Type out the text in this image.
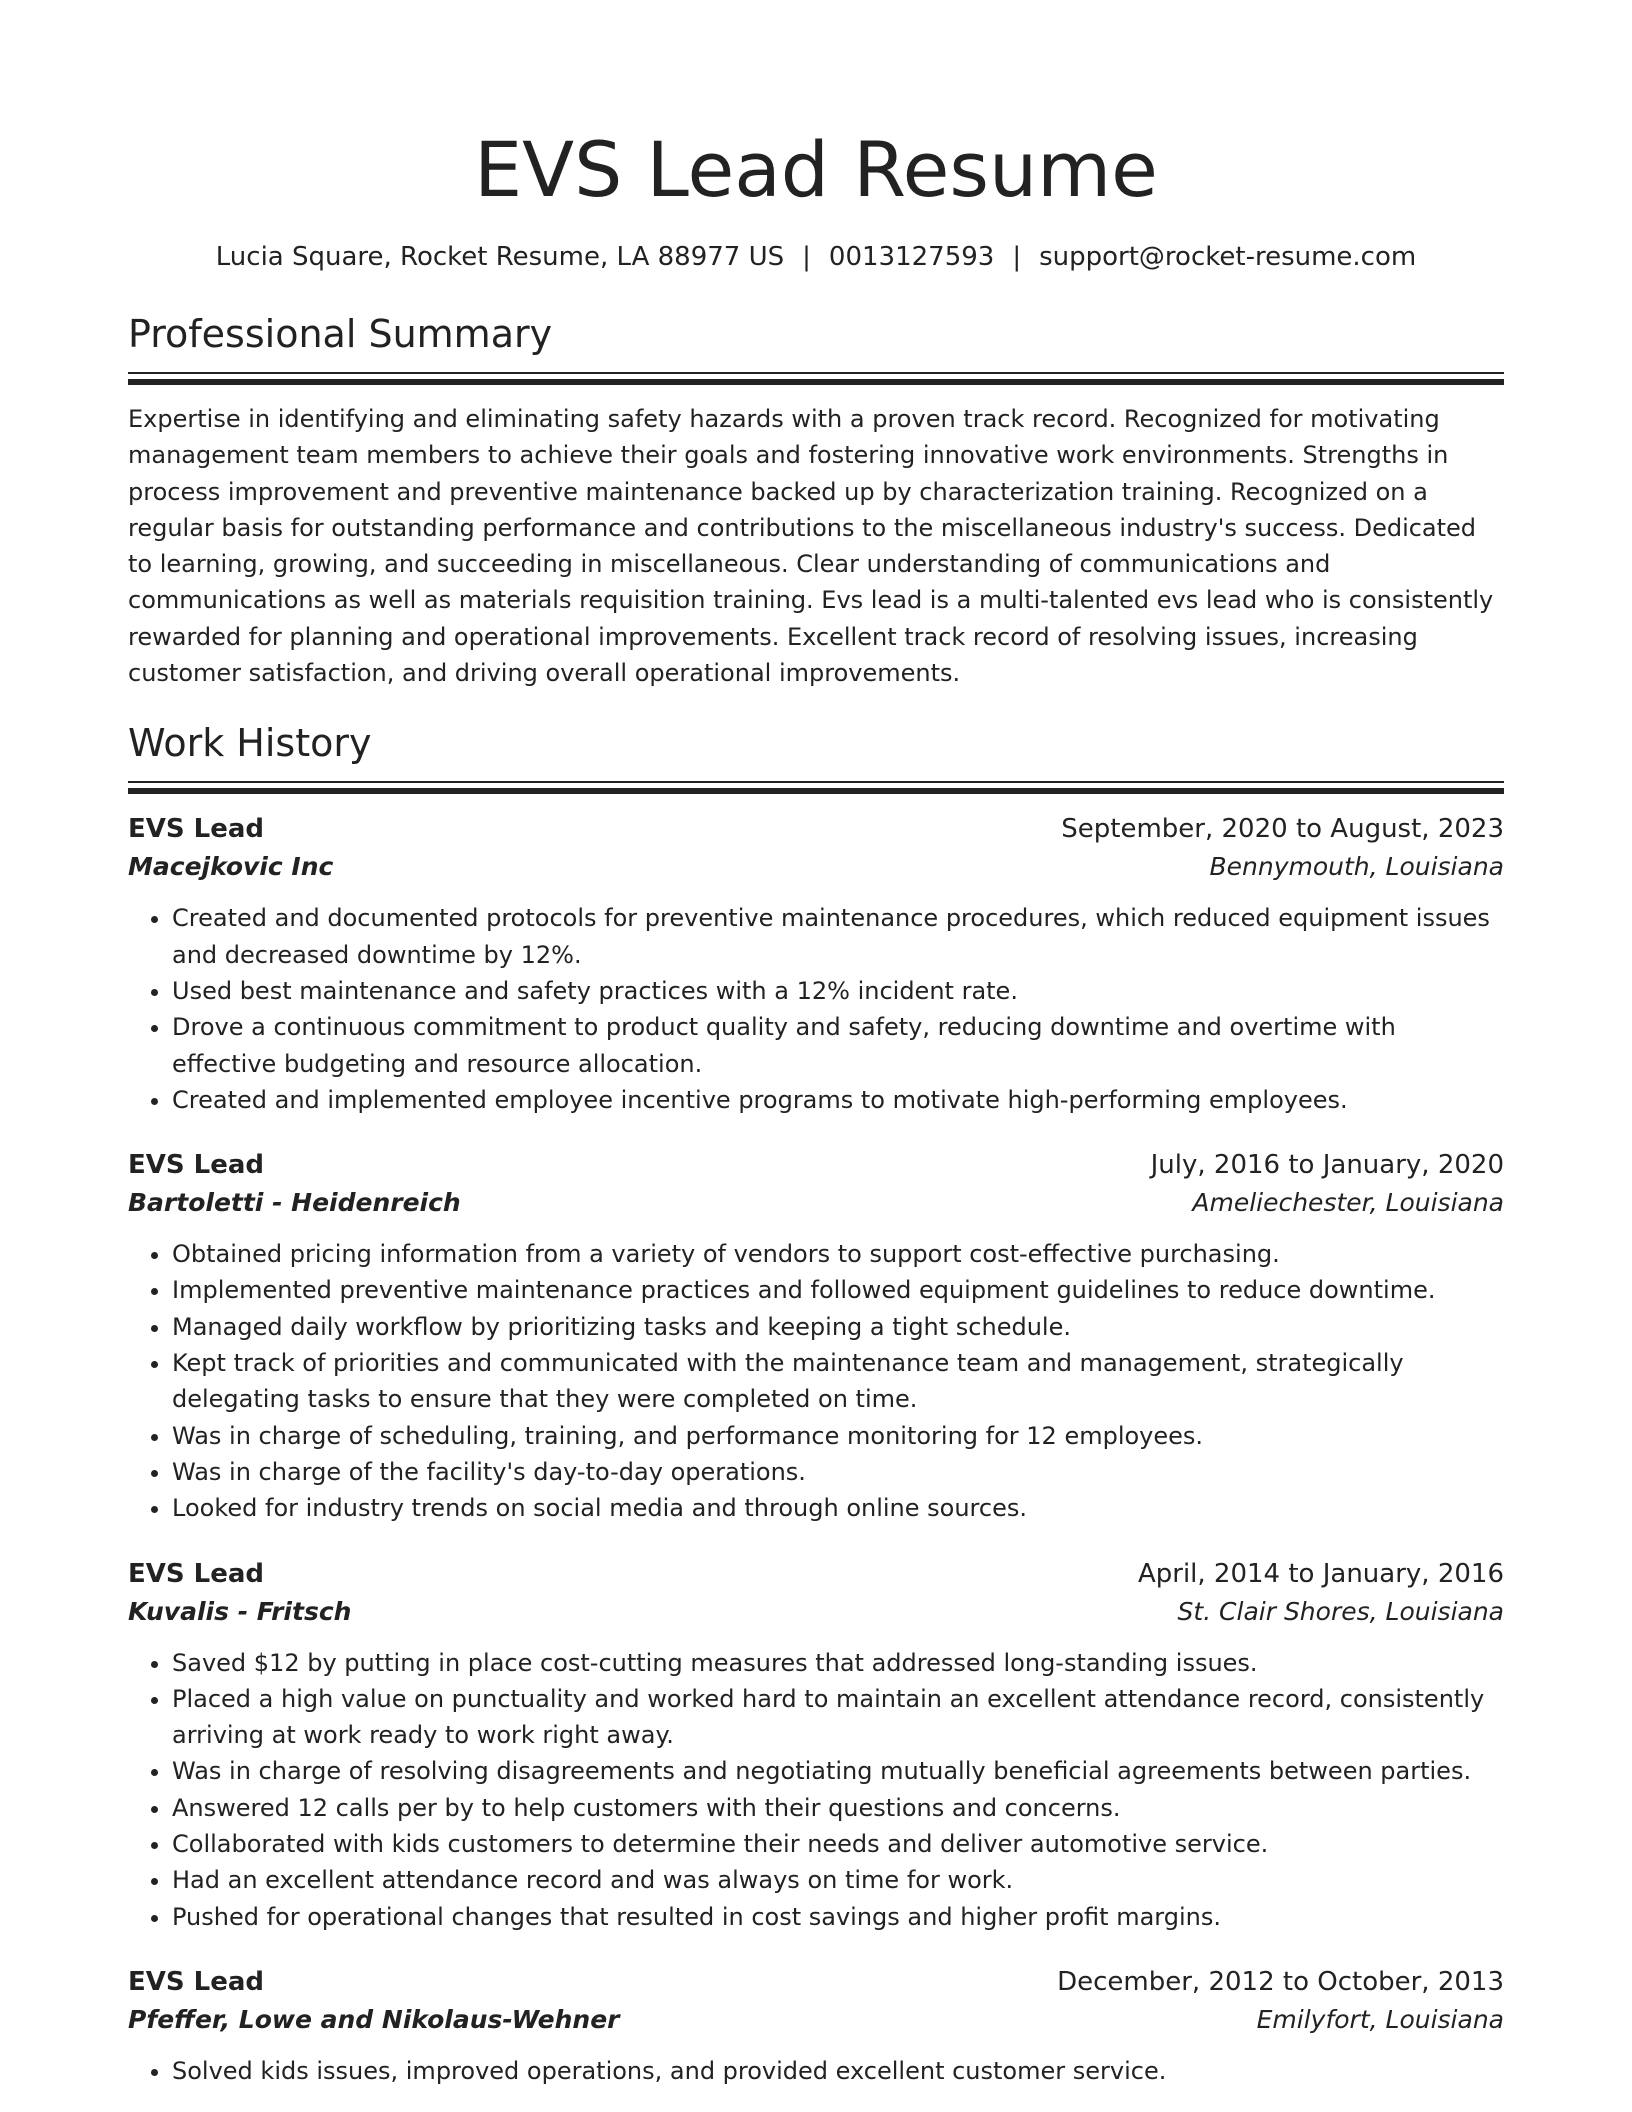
EVS Lead Resume
Lucia Square, Rocket Resume, LA 88977 US | 0013127593 | support@rocket-resume.com
Professional Summary

Expertise in identifying and eliminating safety hazards with a proven track record. Recognized for motivating management team members to achieve their goals and fostering innovative work environments. Strengths in process improvement and preventive maintenance backed up by characterization training. Recognized on a regular basis for outstanding performance and contributions to the miscellaneous industry's success. Dedicated to learning, growing, and succeeding in miscellaneous. Clear understanding of communications and communications as well as materials requisition training. Evs lead is a multi-talented evs lead who is consistently rewarded for planning and operational improvements. Excellent track record of resolving issues, increasing customer satisfaction, and driving overall operational improvements.

Work History
EVS Lead	September, 2020 to August, 2023
Macejkovic Inc	Bennymouth, Louisiana
• Created and documented protocols for preventive maintenance procedures, which reduced equipment issues and decreased downtime by 12%.
• Used best maintenance and safety practices with a 12% incident rate.
• Drove a continuous commitment to product quality and safety, reducing downtime and overtime with effective budgeting and resource allocation.
• Created and implemented employee incentive programs to motivate high-performing employees.
EVS Lead	July, 2016 to January, 2020
Bartoletti - Heidenreich	Ameliechester, Louisiana
• Obtained pricing information from a variety of vendors to support cost-effective purchasing.
• Implemented preventive maintenance practices and followed equipment guidelines to reduce downtime.
• Managed daily workflow by prioritizing tasks and keeping a tight schedule.
• Kept track of priorities and communicated with the maintenance team and management, strategically delegating tasks to ensure that they were completed on time.
• Was in charge of scheduling, training, and performance monitoring for 12 employees.
• Was in charge of the facility's day-to-day operations.
• Looked for industry trends on social media and through online sources.
EVS Lead	April, 2014 to January, 2016
Kuvalis - Fritsch	St. Clair Shores, Louisiana
• Saved $12 by putting in place cost-cutting measures that addressed long-standing issues.
• Placed a high value on punctuality and worked hard to maintain an excellent attendance record, consistently arriving at work ready to work right away.
• Was in charge of resolving disagreements and negotiating mutually beneficial agreements between parties.
• Answered 12 calls per by to help customers with their questions and concerns.
• Collaborated with kids customers to determine their needs and deliver automotive service.
• Had an excellent attendance record and was always on time for work.
• Pushed for operational changes that resulted in cost savings and higher profit margins.
EVS Lead	December, 2012 to October, 2013
Pfeffer, Lowe and Nikolaus-Wehner	Emilyfort, Louisiana
• Solved kids issues, improved operations, and provided excellent customer service.
